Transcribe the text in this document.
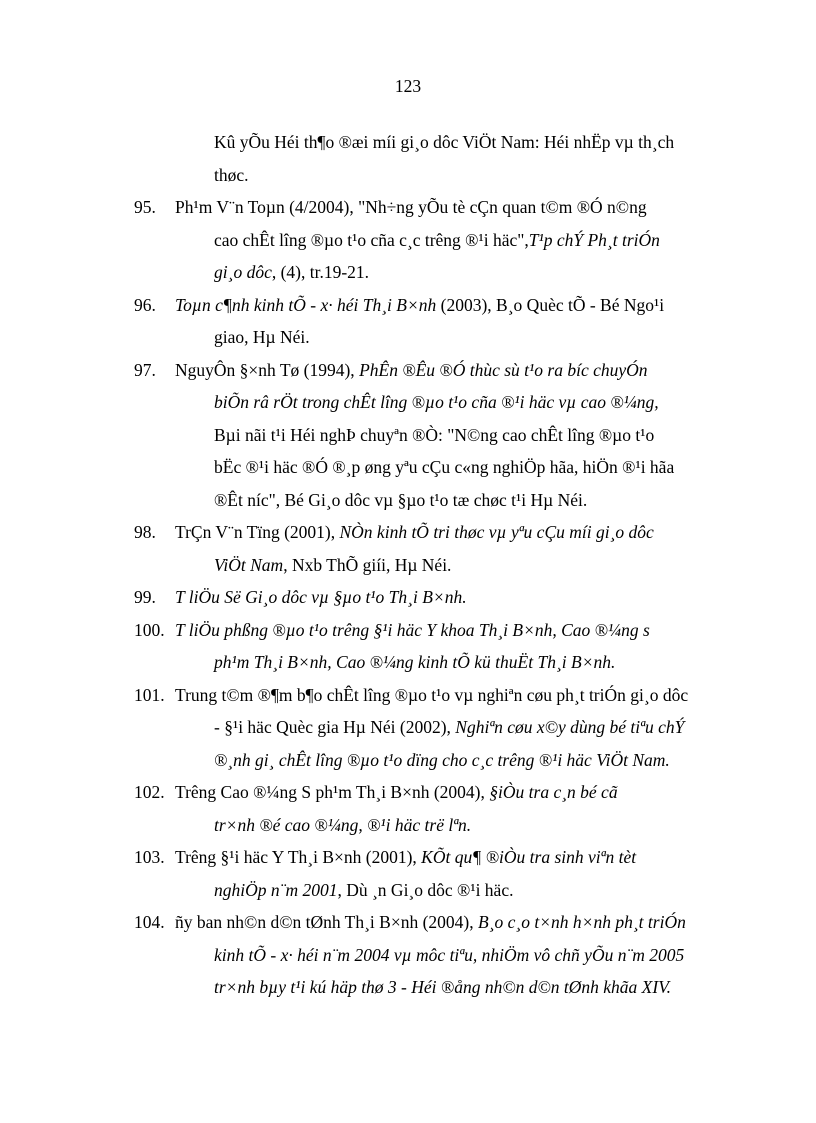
123
Kû yÕu Héi th¶o ®æi míi gi¸o dôc ViÖt Nam: Héi nhËp vµ th¸ch
thøc.
95.	Ph¹m V¨n Toµn (4/2004), "Nh÷ng yÕu tè cÇn quan t©m ®Ó n©ng
cao chÊt lîng ®µo t¹o cña c¸c trêng ®¹i häc",T¹p chÝ Ph¸t triÓn
gi¸o dôc, (4), tr.19-21.
96.	Toµn c¶nh kinh tÕ - x· héi Th¸i B×nh (2003), B¸o Quèc tÕ - Bé Ngo¹i
giao, Hµ Néi.
97.	NguyÔn §×nh Tø (1994), PhÊn ®Êu ®Ó thùc sù t¹o ra bíc chuyÓn
biÕn râ rÖt trong chÊt lîng ®µo t¹o cña ®¹i häc vµ cao ®¼ng,
Bµi nãi t¹i Héi nghÞ chuyªn ®Ò: "N©ng cao chÊt lîng ®µo t¹o
bËc ®¹i häc ®Ó ®¸p øng yªu cÇu c«ng nghiÖp hãa, hiÖn ®¹i hãa
®Êt níc", Bé Gi¸o dôc vµ §µo t¹o tæ chøc t¹i Hµ Néi.
98.	TrÇn V¨n Tïng (2001), NÒn kinh tÕ tri thøc vµ yªu cÇu míi gi¸o dôc
ViÖt Nam, Nxb ThÕ giíi, Hµ Néi.
99.	T liÖu Së Gi¸o dôc vµ §µo t¹o Th¸i B×nh.
100. T liÖu phßng ®µo t¹o trêng §¹i häc Y khoa Th¸i B×nh, Cao ®¼ng s
ph¹m Th¸i B×nh, Cao ®¼ng kinh tÕ kü thuËt Th¸i B×nh.
101. Trung t©m ®¶m b¶o chÊt lîng ®µo t¹o vµ nghiªn cøu ph¸t triÓn gi¸o dôc
- §¹i häc Quèc gia Hµ Néi (2002), Nghiªn cøu x©y dùng bé tiªu chÝ
®¸nh gi¸ chÊt lîng ®µo t¹o dïng cho c¸c trêng ®¹i häc ViÖt Nam.
102. Trêng Cao ®¼ng S ph¹m Th¸i B×nh (2004), §iÒu tra c¸n bé cã
tr×nh ®é cao ®¼ng, ®¹i häc trë lªn.
103. Trêng §¹i häc Y Th¸i B×nh (2001), KÕt qu¶ ®iÒu tra sinh viªn tèt
nghiÖp n¨m 2001, Dù ¸n Gi¸o dôc ®¹i häc.
104. ñy ban nh©n d©n tØnh Th¸i B×nh (2004), B¸o c¸o t×nh h×nh ph¸t triÓn
kinh tÕ - x· héi n¨m 2004 vµ môc tiªu, nhiÖm vô chñ yÕu n¨m 2005
tr×nh bµy t¹i kú häp thø 3 - Héi ®ång nh©n d©n tØnh khãa XIV.
